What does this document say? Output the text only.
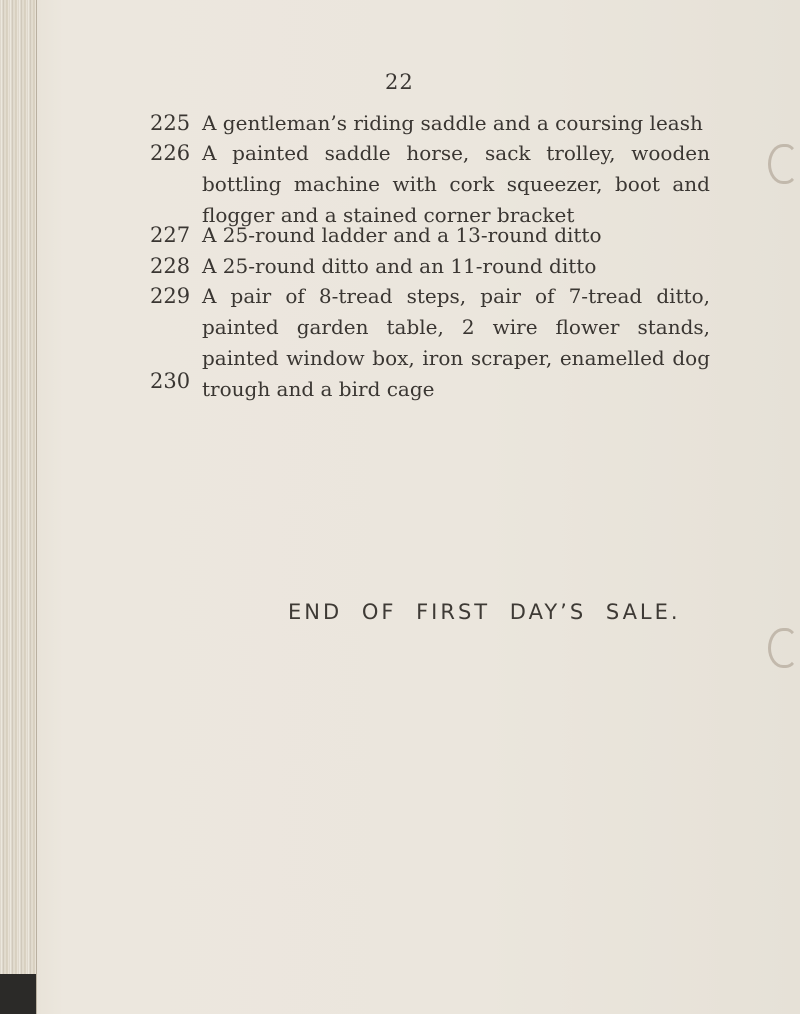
22
225 A gentleman’s riding saddle and a coursing leash
226 A painted saddle horse, sack trolley, wooden bottling machine with cork squeezer, boot and flogger and a stained corner bracket
227 A 25-round ladder and a 13-round ditto
228 A 25-round ditto and an 11-round ditto
229 A pair of 8-tread steps, pair of 7-tread ditto, painted garden table, 2 wire flower stands, painted window box, iron scraper, enamelled dog trough and a bird cage
230
END OF FIRST DAY’S SALE.
